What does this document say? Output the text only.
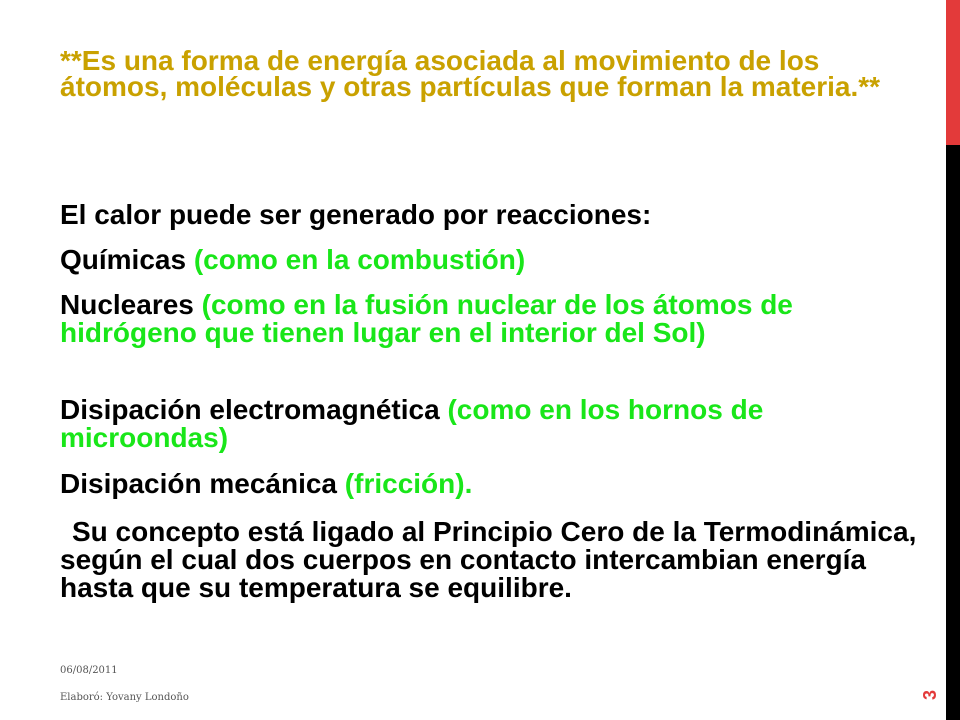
**Es una forma de energía asociada al movimiento de los átomos, moléculas y otras partículas que forman la materia.**

El calor puede ser generado por reacciones:

Químicas (como en la combustión)

Nucleares (como en la fusión nuclear de los átomos de hidrógeno que tienen lugar en el interior del Sol)

Disipación electromagnética (como en los hornos de microondas)

Disipación mecánica (fricción).

Su concepto está ligado al Principio Cero de la Termodinámica, según el cual dos cuerpos en contacto intercambian energía hasta que su temperatura se equilibre.

06/08/2011
Elaboró: Yovany Londoño	3
